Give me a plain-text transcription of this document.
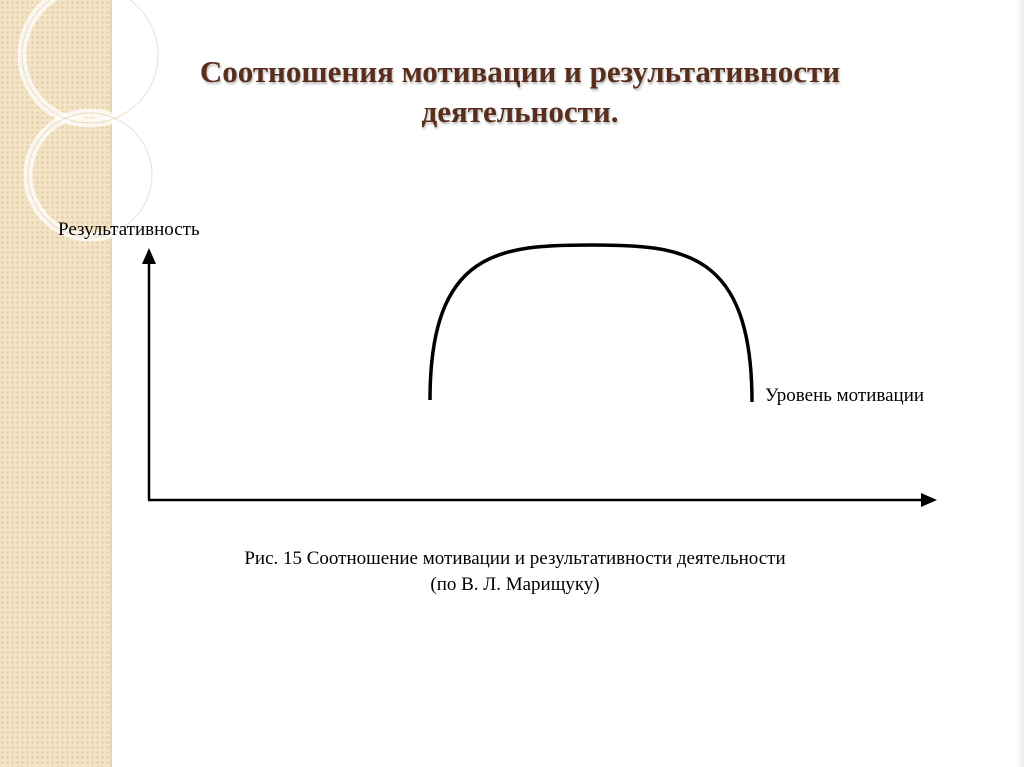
Соотношения мотивации и результативности
деятельности.
Результативность
Уровень мотивации
Рис. 15 Соотношение мотивации и результативности деятельности
(по В. Л. Марищуку)
